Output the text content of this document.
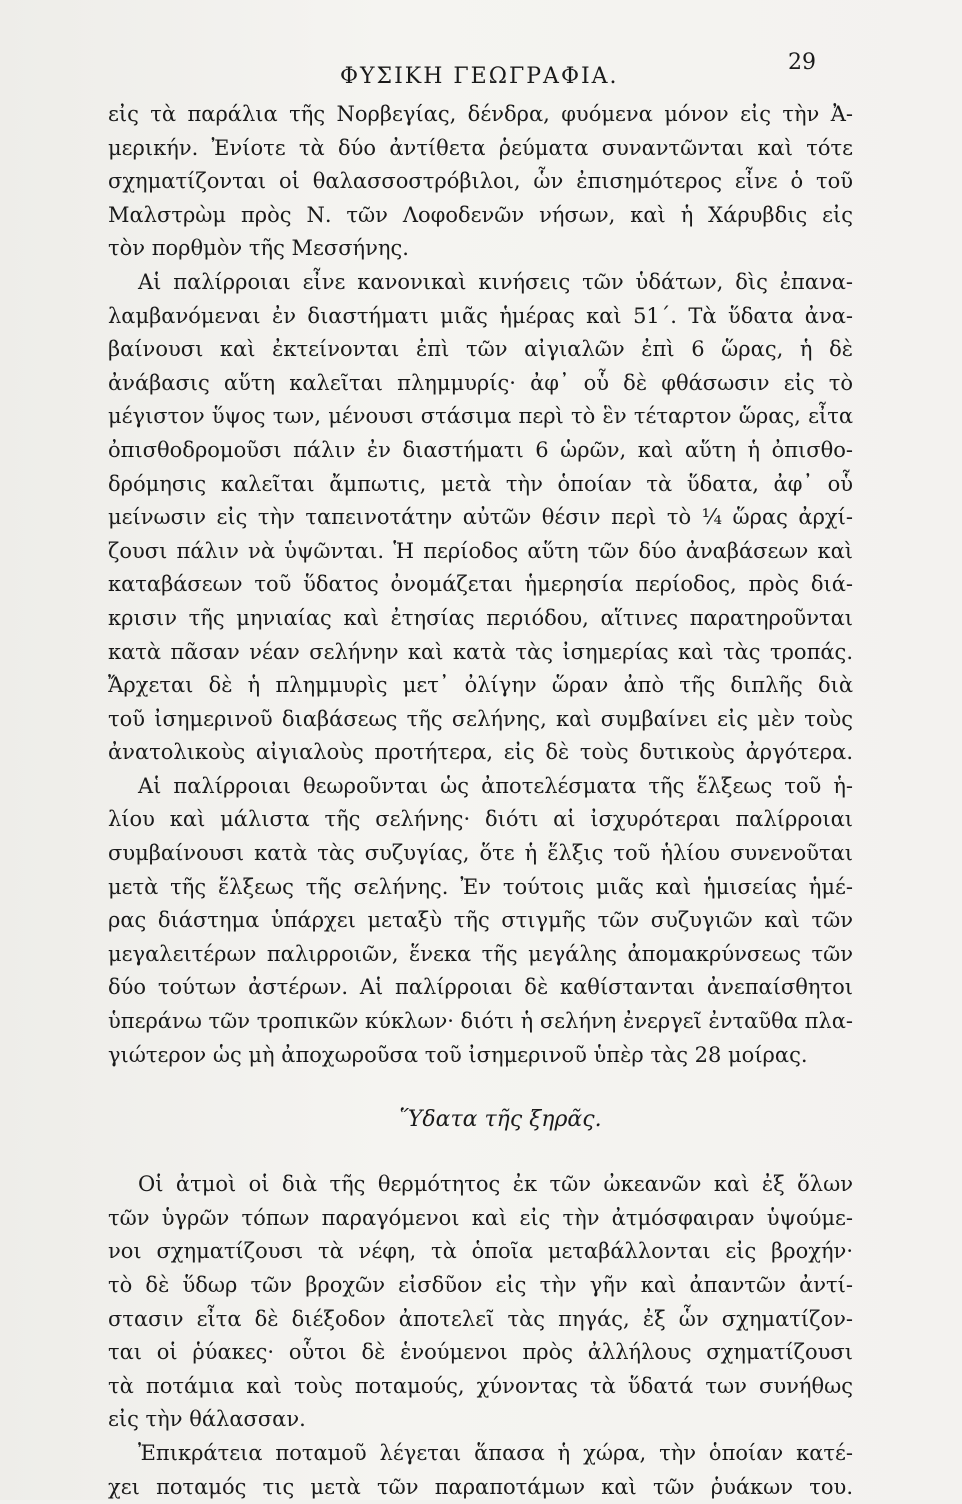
ΦΥΣΙΚΗ ΓΕΩΓΡΑΦΙΑ.
29
εἰς τὰ παράλια τῆς Νορβεγίας, δένδρα, φυόμενα μόνον εἰς τὴν Ἀ-
μερικήν. Ἐνίοτε τὰ δύο ἀντίθετα ῥεύματα συναντῶνται καὶ τότε
σχηματίζονται οἱ θαλασσοστρόβιλοι, ὧν ἐπισημότερος εἶνε ὁ τοῦ
Μαλστρὼμ πρὸς Ν. τῶν Λοφοδενῶν νήσων, καὶ ἡ Χάρυβδις εἰς
τὸν πορθμὸν τῆς Μεσσήνης.
Αἱ παλίρροιαι εἶνε κανονικαὶ κινήσεις τῶν ὑδάτων, δὶς ἐπανα-
λαμβανόμεναι ἐν διαστήματι μιᾶς ἡμέρας καὶ 51΄. Τὰ ὕδατα ἀνα-
βαίνουσι καὶ ἐκτείνονται ἐπὶ τῶν αἰγιαλῶν ἐπὶ 6 ὥρας, ἡ δὲ
ἀνάβασις αὕτη καλεῖται πλημμυρίς· ἀφ᾽ οὗ δὲ φθάσωσιν εἰς τὸ
μέγιστον ὕψος των, μένουσι στάσιμα περὶ τὸ ἓν τέταρτον ὥρας, εἶτα
ὀπισθοδρομοῦσι πάλιν ἐν διαστήματι 6 ὡρῶν, καὶ αὕτη ἡ ὀπισθο-
δρόμησις καλεῖται ἄμπωτις, μετὰ τὴν ὁποίαν τὰ ὕδατα, ἀφ᾽ οὗ
μείνωσιν εἰς τὴν ταπεινοτάτην αὐτῶν θέσιν περὶ τὸ ¼ ὥρας ἀρχί-
ζουσι πάλιν νὰ ὑψῶνται. Ἡ περίοδος αὕτη τῶν δύο ἀναβάσεων καὶ
καταβάσεων τοῦ ὕδατος ὀνομάζεται ἡμερησία περίοδος, πρὸς διά-
κρισιν τῆς μηνιαίας καὶ ἐτησίας περιόδου, αἵτινες παρατηροῦνται
κατὰ πᾶσαν νέαν σελήνην καὶ κατὰ τὰς ἰσημερίας καὶ τὰς τροπάς.
Ἄρχεται δὲ ἡ πλημμυρὶς μετ᾽ ὀλίγην ὥραν ἀπὸ τῆς διπλῆς διὰ
τοῦ ἰσημερινοῦ διαβάσεως τῆς σελήνης, καὶ συμβαίνει εἰς μὲν τοὺς
ἀνατολικοὺς αἰγιαλοὺς προτήτερα, εἰς δὲ τοὺς δυτικοὺς ἀργότερα.
Αἱ παλίρροιαι θεωροῦνται ὡς ἀποτελέσματα τῆς ἕλξεως τοῦ ἡ-
λίου καὶ μάλιστα τῆς σελήνης· διότι αἱ ἰσχυρότεραι παλίρροιαι
συμβαίνουσι κατὰ τὰς συζυγίας, ὅτε ἡ ἕλξις τοῦ ἡλίου συνενοῦται
μετὰ τῆς ἕλξεως τῆς σελήνης. Ἐν τούτοις μιᾶς καὶ ἡμισείας ἡμέ-
ρας διάστημα ὑπάρχει μεταξὺ τῆς στιγμῆς τῶν συζυγιῶν καὶ τῶν
μεγαλειτέρων παλιρροιῶν, ἕνεκα τῆς μεγάλης ἀπομακρύνσεως τῶν
δύο τούτων ἀστέρων. Αἱ παλίρροιαι δὲ καθίστανται ἀνεπαίσθητοι
ὑπεράνω τῶν τροπικῶν κύκλων· διότι ἡ σελήνη ἐνεργεῖ ἐνταῦθα πλα-
γιώτερον ὡς μὴ ἀποχωροῦσα τοῦ ἰσημερινοῦ ὑπὲρ τὰς 28 μοίρας.
Ὕδατα τῆς ξηρᾶς.
Οἱ ἀτμοὶ οἱ διὰ τῆς θερμότητος ἐκ τῶν ὠκεανῶν καὶ ἐξ ὅλων
τῶν ὑγρῶν τόπων παραγόμενοι καὶ εἰς τὴν ἀτμόσφαιραν ὑψούμε-
νοι σχηματίζουσι τὰ νέφη, τὰ ὁποῖα μεταβάλλονται εἰς βροχήν·
τὸ δὲ ὕδωρ τῶν βροχῶν εἰσδῦον εἰς τὴν γῆν καὶ ἀπαντῶν ἀντί-
στασιν εἶτα δὲ διέξοδον ἀποτελεῖ τὰς πηγάς, ἐξ ὧν σχηματίζον-
ται οἱ ῥύακες· οὗτοι δὲ ἑνούμενοι πρὸς ἀλλήλους σχηματίζουσι
τὰ ποτάμια καὶ τοὺς ποταμούς, χύνοντας τὰ ὕδατά των συνήθως
εἰς τὴν θάλασσαν.
Ἐπικράτεια ποταμοῦ λέγεται ἅπασα ἡ χώρα, τὴν ὁποίαν κατέ-
χει ποταμός τις μετὰ τῶν παραποτάμων καὶ τῶν ῥυάκων του.
